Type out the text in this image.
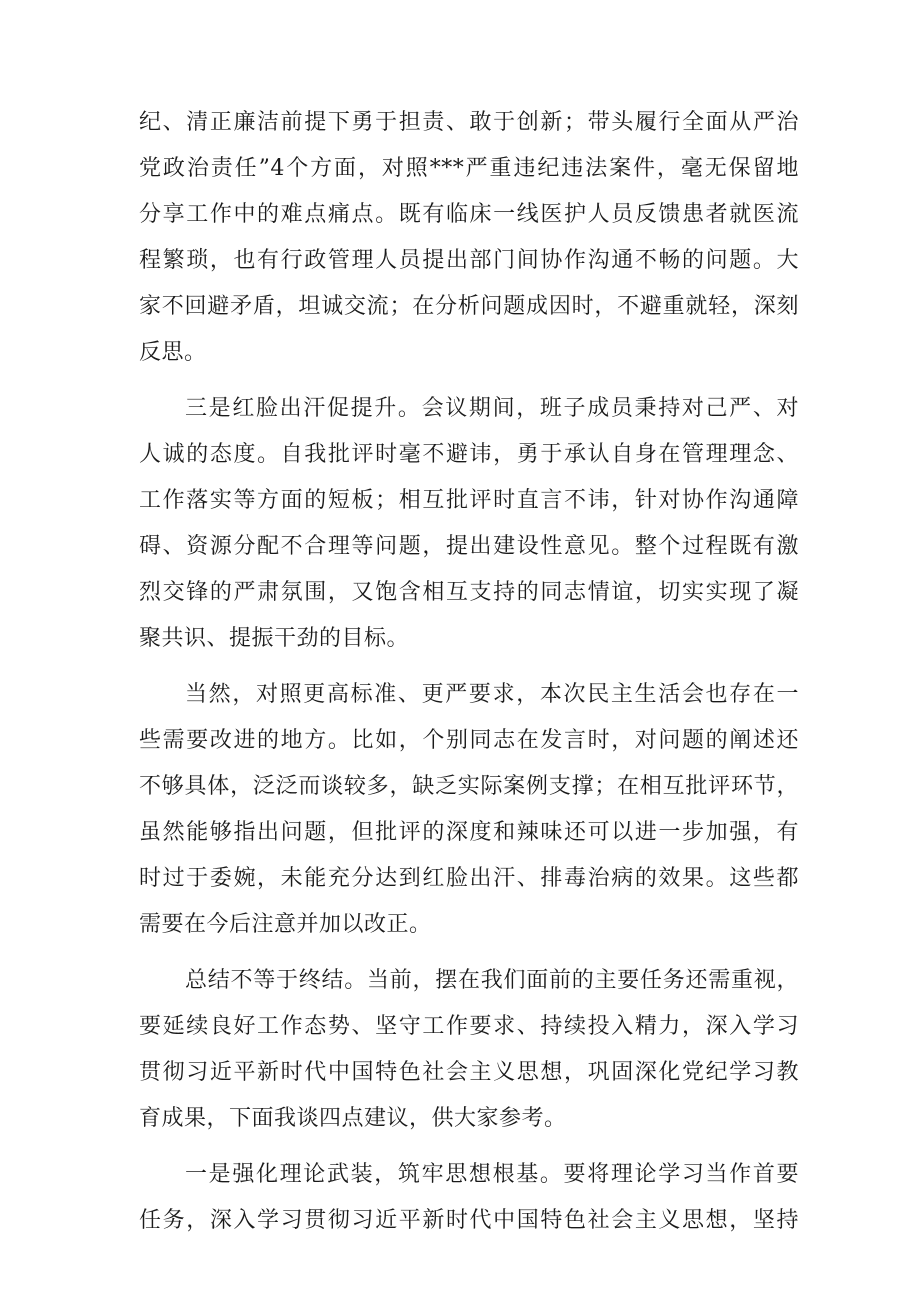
纪、清正廉洁前提下勇于担责、敢于创新；带头履行全面从严治
党政治责任”4个方面，对照***严重违纪违法案件，毫无保留地
分享工作中的难点痛点。既有临床一线医护人员反馈患者就医流
程繁琐，也有行政管理人员提出部门间协作沟通不畅的问题。大
家不回避矛盾，坦诚交流；在分析问题成因时，不避重就轻，深刻
反思。
三是红脸出汗促提升。会议期间，班子成员秉持对己严、对
人诚的态度。自我批评时毫不避讳，勇于承认自身在管理理念、
工作落实等方面的短板；相互批评时直言不讳，针对协作沟通障
碍、资源分配不合理等问题，提出建设性意见。整个过程既有激
烈交锋的严肃氛围，又饱含相互支持的同志情谊，切实实现了凝
聚共识、提振干劲的目标。
当然，对照更高标准、更严要求，本次民主生活会也存在一
些需要改进的地方。比如，个别同志在发言时，对问题的阐述还
不够具体，泛泛而谈较多，缺乏实际案例支撑；在相互批评环节，
虽然能够指出问题，但批评的深度和辣味还可以进一步加强，有
时过于委婉，未能充分达到红脸出汗、排毒治病的效果。这些都
需要在今后注意并加以改正。
总结不等于终结。当前，摆在我们面前的主要任务还需重视，
要延续良好工作态势、坚守工作要求、持续投入精力，深入学习
贯彻习近平新时代中国特色社会主义思想，巩固深化党纪学习教
育成果，下面我谈四点建议，供大家参考。
一是强化理论武装，筑牢思想根基。要将理论学习当作首要
任务，深入学习贯彻习近平新时代中国特色社会主义思想，坚持
